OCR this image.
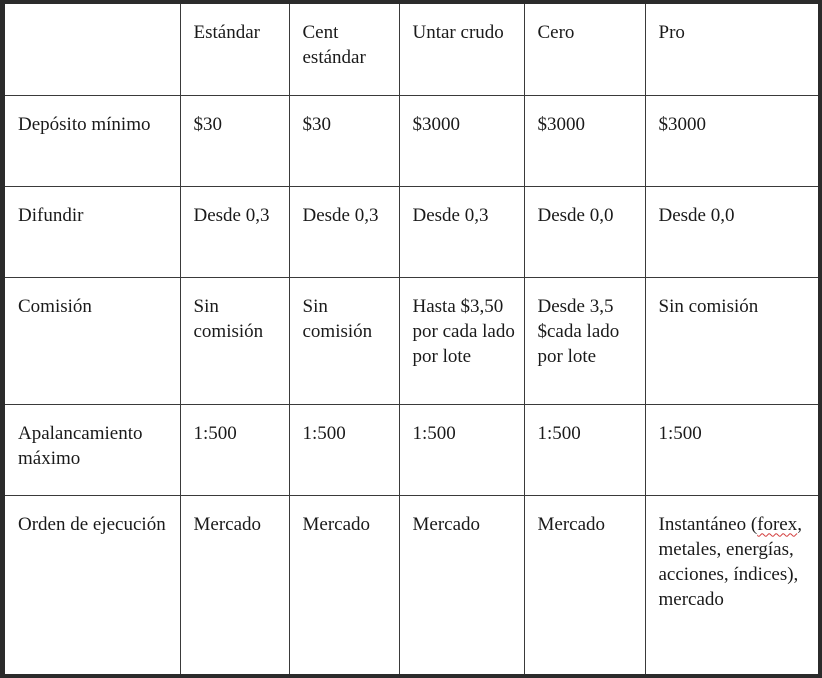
	Estándar	Cent estándar	Untar crudo	Cero	Pro
Depósito mínimo	$30	$30	$3000	$3000	$3000
Difundir	Desde 0,3	Desde 0,3	Desde 0,3	Desde 0,0	Desde 0,0
Comisión	Sin comisión	Sin comisión	Hasta $3,50 por cada lado por lote	Desde 3,5 $cada lado por lote	Sin comisión
Apalancamiento máximo	1:500	1:500	1:500	1:500	1:500
Orden de ejecución	Mercado	Mercado	Mercado	Mercado	Instantáneo (forex, metales, energías, acciones, índices), mercado
